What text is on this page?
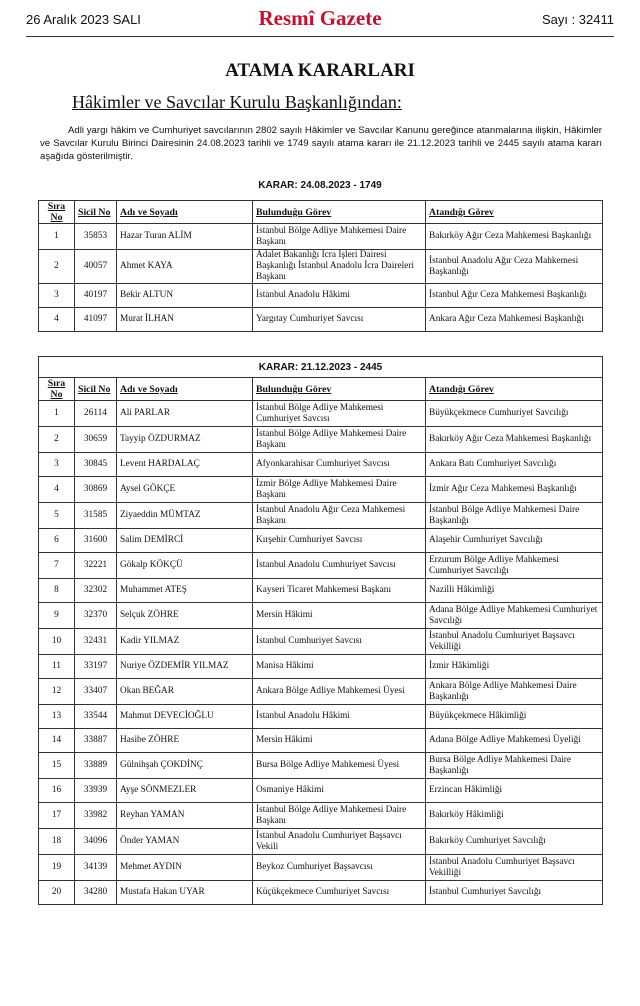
26 Aralık 2023 SALI	Resmî Gazete	Sayı : 32411
ATAMA KARARLARI
Hâkimler ve Savcılar Kurulu Başkanlığından:
Adli yargı hâkim ve Cumhuriyet savcılarının 2802 sayılı Hâkimler ve Savcılar Kanunu gereğince atanmalarına ilişkin, Hâkimler ve Savcılar Kurulu Birinci Dairesinin 24.08.2023 tarihli ve 1749 sayılı atama kararı ile 21.12.2023 tarihli ve 2445 sayılı atama kararı aşağıda gösterilmiştir.
KARAR: 24.08.2023 - 1749
Sıra No	Sicil No	Adı ve Soyadı	Bulunduğu Görev	Atandığı Görev
1	35853	Hazar Turan ALİM	İstanbul Bölge Adliye Mahkemesi Daire Başkanı	Bakırköy Ağır Ceza Mahkemesi Başkanlığı
2	40057	Ahmet KAYA	Adalet Bakanlığı İcra İşleri Dairesi Başkanlığı İstanbul Anadolu İcra Daireleri Başkanı	İstanbul Anadolu Ağır Ceza Mahkemesi Başkanlığı
3	40197	Bekir ALTUN	İstanbul Anadolu Hâkimi	İstanbul Ağır Ceza Mahkemesi Başkanlığı
4	41097	Murat İLHAN	Yargıtay Cumhuriyet Savcısı	Ankara Ağır Ceza Mahkemesi Başkanlığı
KARAR: 21.12.2023 - 2445				
Sıra No	Sicil No	Adı ve Soyadı	Bulunduğu Görev	Atandığı Görev
1	26114	Ali PARLAR	İstanbul Bölge Adliye Mahkemesi Cumhuriyet Savcısı	Büyükçekmece Cumhuriyet Savcılığı
2	30659	Tayyip ÖZDURMAZ	İstanbul Bölge Adliye Mahkemesi Daire Başkanı	Bakırköy Ağır Ceza Mahkemesi Başkanlığı
3	30845	Levent HARDALAÇ	Afyonkarahisar Cumhuriyet Savcısı	Ankara Batı Cumhuriyet Savcılığı
4	30869	Aysel GÖKÇE	İzmir Bölge Adliye Mahkemesi Daire Başkanı	İzmir Ağır Ceza Mahkemesi Başkanlığı
5	31585	Ziyaeddin MÜMTAZ	İstanbul Anadolu Ağır Ceza Mahkemesi Başkanı	İstanbul Bölge Adliye Mahkemesi Daire Başkanlığı
6	31600	Salim DEMİRCİ	Kırşehir Cumhuriyet Savcısı	Alaşehir Cumhuriyet Savcılığı
7	32221	Gökalp KÖKÇÜ	İstanbul Anadolu Cumhuriyet Savcısı	Erzurum Bölge Adliye Mahkemesi Cumhuriyet Savcılığı
8	32302	Muhammet ATEŞ	Kayseri Ticaret Mahkemesi Başkanı	Nazilli Hâkimliği
9	32370	Selçuk ZÖHRE	Mersin Hâkimi	Adana Bölge Adliye Mahkemesi Cumhuriyet Savcılığı
10	32431	Kadir YILMAZ	İstanbul Cumhuriyet Savcısı	İstanbul Anadolu Cumhuriyet Başsavcı Vekilliği
11	33197	Nuriye ÖZDEMİR YILMAZ	Manisa Hâkimi	İzmir Hâkimliği
12	33407	Okan BEĞAR	Ankara Bölge Adliye Mahkemesi Üyesi	Ankara Bölge Adliye Mahkemesi Daire Başkanlığı
13	33544	Mahmut DEVECİOĞLU	İstanbul Anadolu Hâkimi	Büyükçekmece Hâkimliği
14	33887	Hasibe ZÖHRE	Mersin Hâkimi	Adana Bölge Adliye Mahkemesi Üyeliği
15	33889	Gülnihşah ÇOKDİNÇ	Bursa Bölge Adliye Mahkemesi Üyesi	Bursa Bölge Adliye Mahkemesi Daire Başkanlığı
16	33939	Ayşe SÖNMEZLER	Osmaniye Hâkimi	Erzincan Hâkimliği
17	33982	Reyhan YAMAN	İstanbul Bölge Adliye Mahkemesi Daire Başkanı	Bakırköy Hâkimliği
18	34096	Önder YAMAN	İstanbul Anadolu Cumhuriyet Başsavcı Vekili	Bakırköy Cumhuriyet Savcılığı
19	34139	Mehmet AYDIN	Beykoz Cumhuriyet Başsavcısı	İstanbul Anadolu Cumhuriyet Başsavcı Vekilliği
20	34280	Mustafa Hakan UYAR	Küçükçekmece Cumhuriyet Savcısı	İstanbul Cumhuriyet Savcılığı
